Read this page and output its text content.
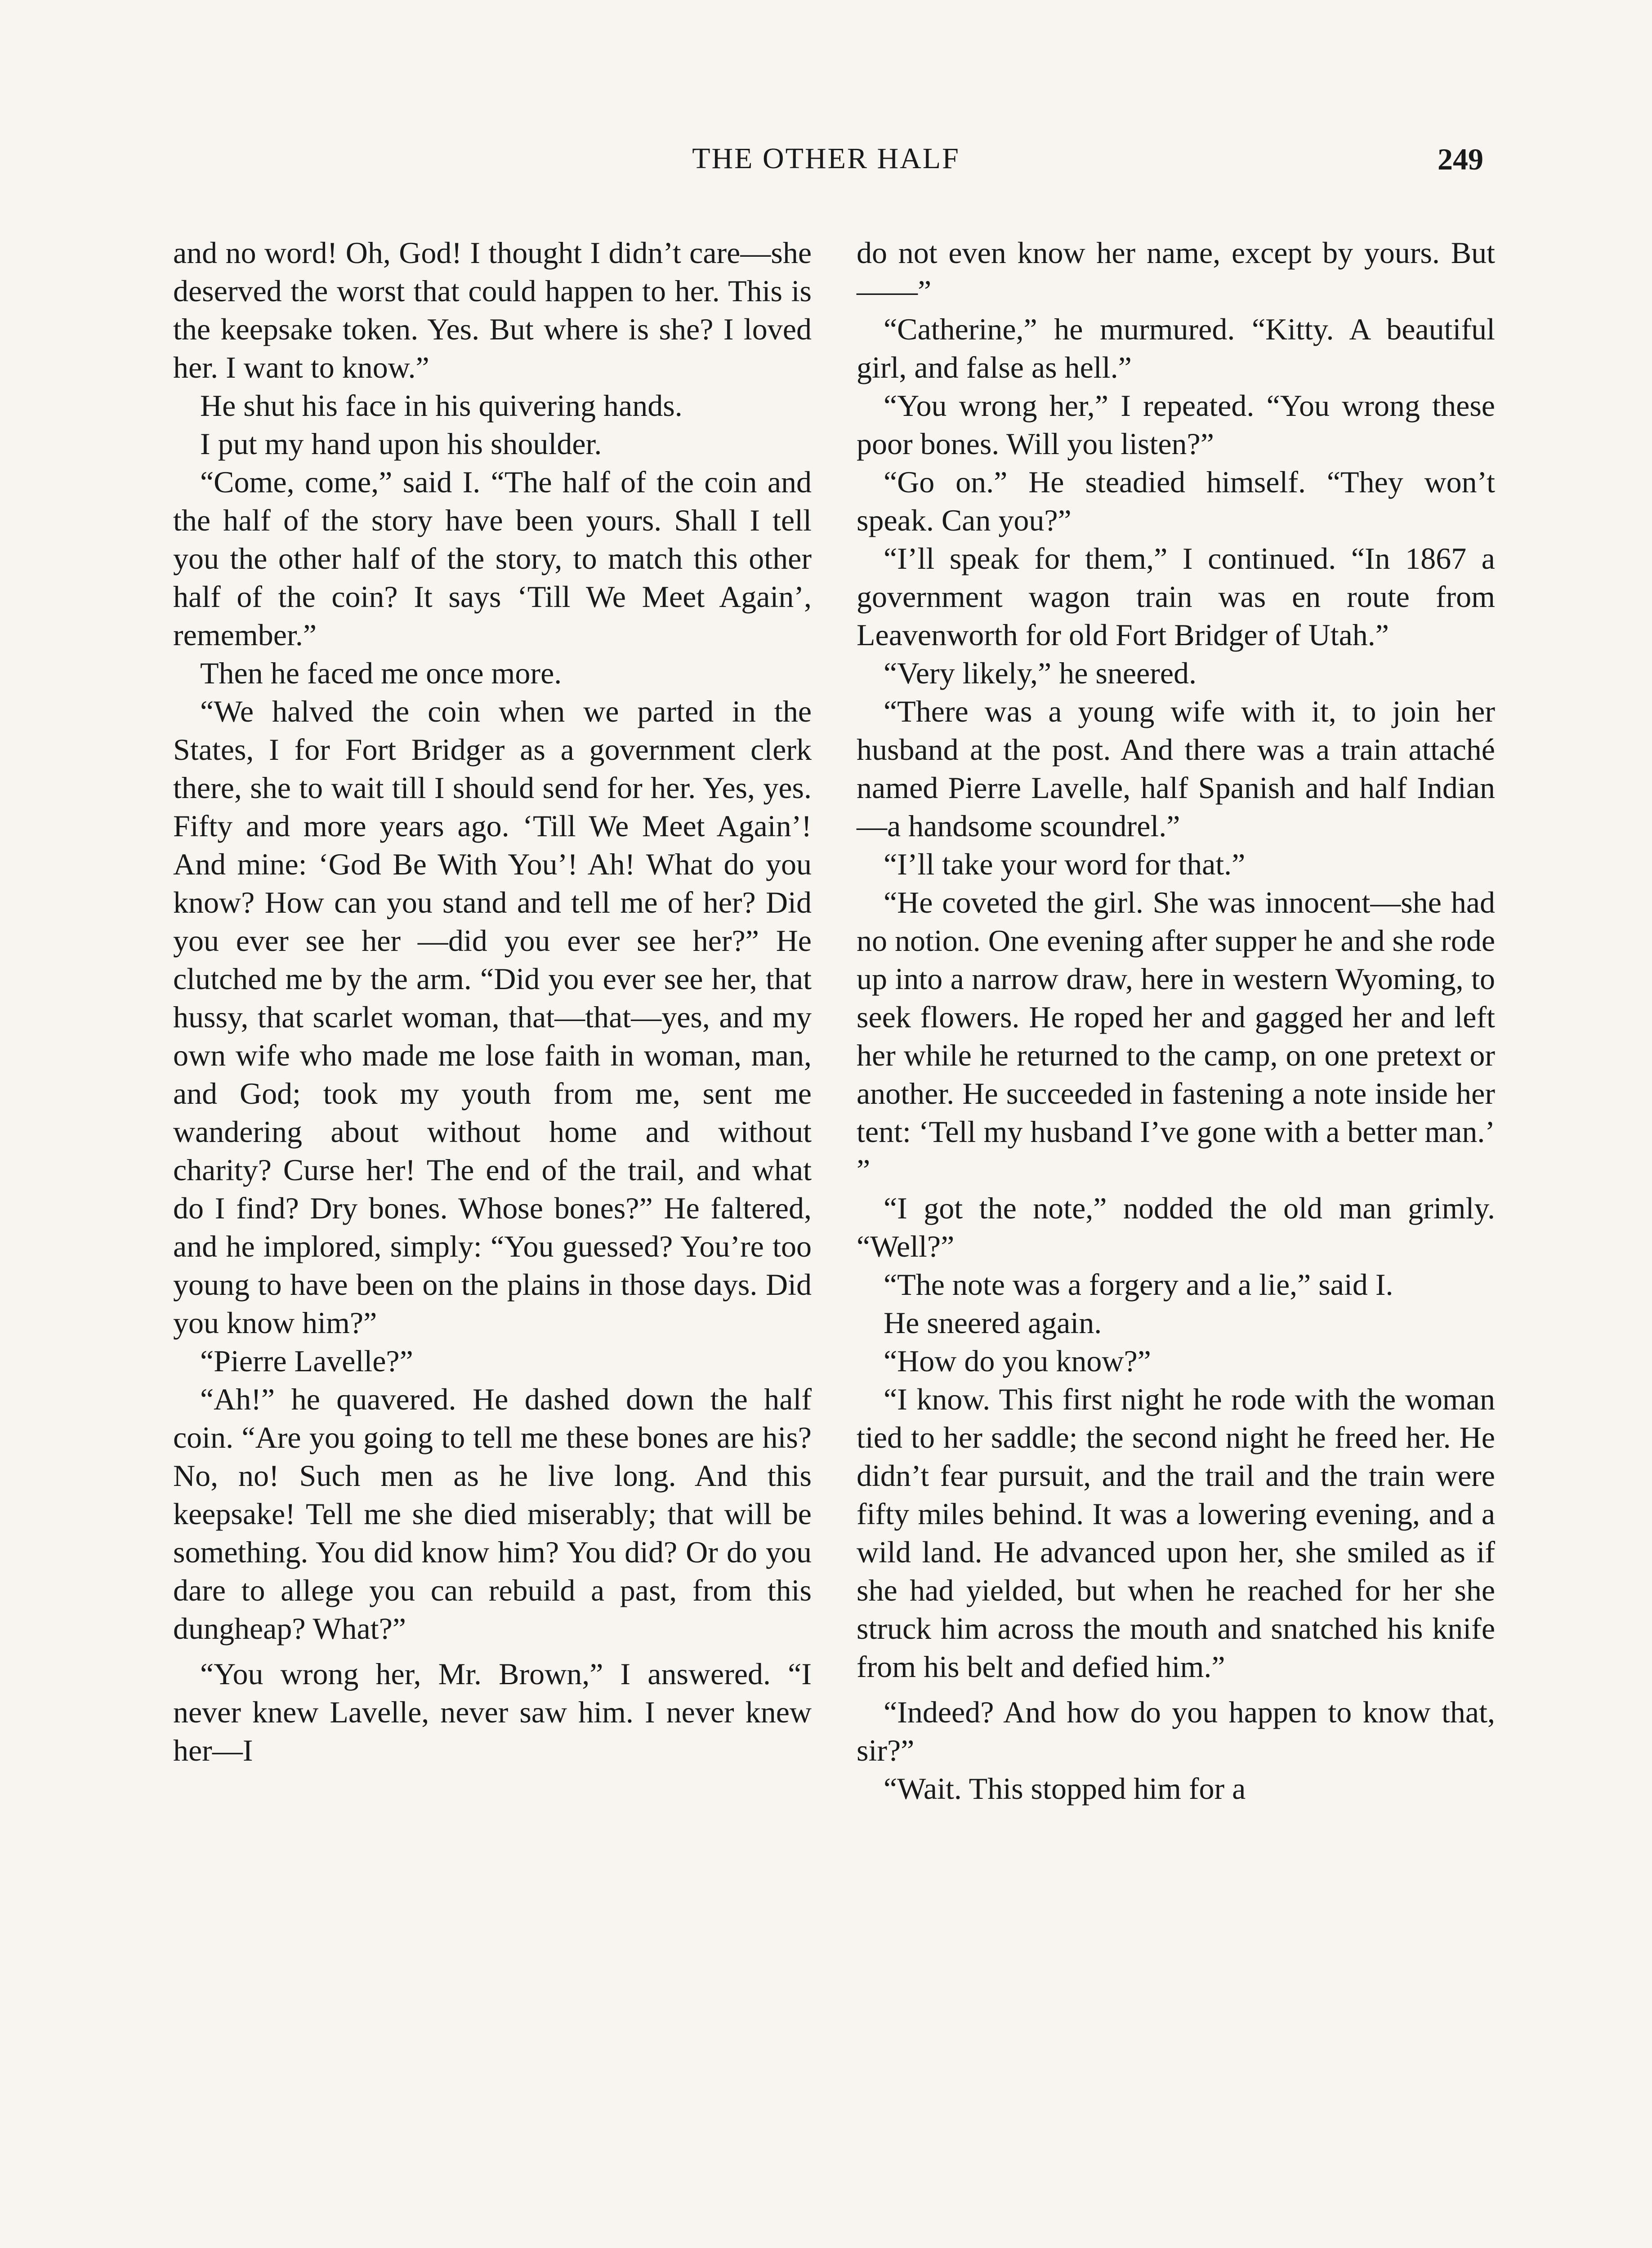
THE OTHER HALF	249

and no word! Oh, God! I thought I didn’t care—she deserved the worst that could happen to her. This is the keepsake token. Yes. But where is she? I loved her. I want to know.”

He shut his face in his quivering hands.

I put my hand upon his shoulder.

“Come, come,” said I. “The half of the coin and the half of the story have been yours. Shall I tell you the other half of the story, to match this other half of the coin? It says ‘Till We Meet Again’, remember.”

Then he faced me once more.

“We halved the coin when we parted in the States, I for Fort Bridger as a government clerk there, she to wait till I should send for her. Yes, yes. Fifty and more years ago. ‘Till We Meet Again’! And mine: ‘God Be With You’! Ah! What do you know? How can you stand and tell me of her? Did you ever see her —did you ever see her?” He clutched me by the arm. “Did you ever see her, that hussy, that scarlet woman, that—that—yes, and my own wife who made me lose faith in woman, man, and God; took my youth from me, sent me wandering about without home and without charity? Curse her! The end of the trail, and what do I find? Dry bones. Whose bones?” He faltered, and he implored, simply: “You guessed? You’re too young to have been on the plains in those days. Did you know him?”

“Pierre Lavelle?”

“Ah!” he quavered. He dashed down the half coin. “Are you going to tell me these bones are his? No, no! Such men as he live long. And this keepsake! Tell me she died miserably; that will be something. You did know him? You did? Or do you dare to allege you can rebuild a past, from this dungheap? What?”

“You wrong her, Mr. Brown,” I answered. “I never knew Lavelle, never saw him. I never knew her—I

do not even know her name, except by yours. But——”

“Catherine,” he murmured. “Kitty. A beautiful girl, and false as hell.”

“You wrong her,” I repeated. “You wrong these poor bones. Will you listen?”

“Go on.” He steadied himself. “They won’t speak. Can you?”

“I’ll speak for them,” I continued. “In 1867 a government wagon train was en route from Leavenworth for old Fort Bridger of Utah.”

“Very likely,” he sneered.

“There was a young wife with it, to join her husband at the post. And there was a train attaché named Pierre Lavelle, half Spanish and half Indian—a handsome scoundrel.”

“I’ll take your word for that.”

“He coveted the girl. She was innocent—she had no notion. One evening after supper he and she rode up into a narrow draw, here in western Wyoming, to seek flowers. He roped her and gagged her and left her while he returned to the camp, on one pretext or another. He succeeded in fastening a note inside her tent: ‘Tell my husband I’ve gone with a better man.’ ”

“I got the note,” nodded the old man grimly. “Well?”

“The note was a forgery and a lie,” said I.

He sneered again.

“How do you know?”

“I know. This first night he rode with the woman tied to her saddle; the second night he freed her. He didn’t fear pursuit, and the trail and the train were fifty miles behind. It was a lowering evening, and a wild land. He advanced upon her, she smiled as if she had yielded, but when he reached for her she struck him across the mouth and snatched his knife from his belt and defied him.”

“Indeed? And how do you happen to know that, sir?”

“Wait. This stopped him for a
